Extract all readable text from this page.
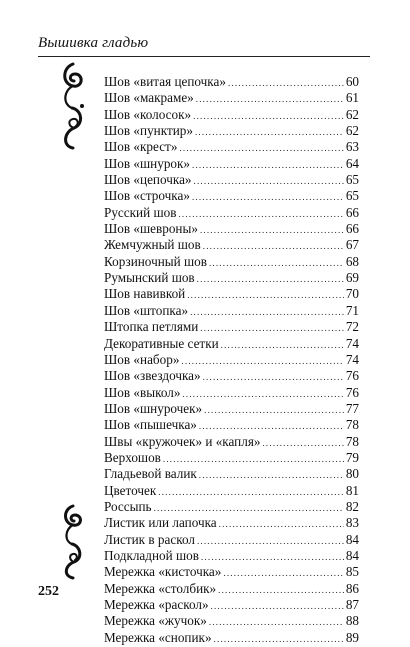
Вышивка гладью
Шов «витая цепочка» .....	60
Шов «макраме» .....	61
Шов «колосок» .....	62
Шов «пунктир» .....	62
Шов «крест» .....	63
Шов «шнурок» .....	64
Шов «цепочка» .....	65
Шов «строчка» .....	65
Русский шов .....	66
Шов «шевроны» .....	66
Жемчужный шов .....	67
Корзиночный шов .....	68
Румынский шов .....	69
Шов навивкой .....	70
Шов «штопка» .....	71
Штопка петлями .....	72
Декоративные сетки .....	74
Шов «набор» .....	74
Шов «звездочка» .....	76
Шов «выкол» .....	76
Шов «шнурочек» .....	77
Шов «пышечка» .....	78
Швы «кружочек» и «капля» .....	78
Верхошов .....	79
Гладьевой валик .....	80
Цветочек .....	81
Россыпь .....	82
Листик или лапочка .....	83
Листик в раскол .....	84
Подкладной шов .....	84
Мережка «кисточка» .....	85
Мережка «столбик» .....	86
Мережка «раскол» .....	87
Мережка «жучок» .....	88
Мережка «снопик» .....	89
252
• • •
